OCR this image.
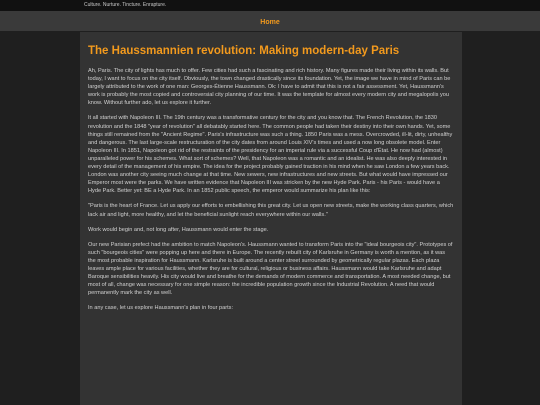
Culture. Nurture. Tincture. Enrapture.
Home
The Haussmannien revolution: Making modern-day Paris

Ah, Paris. The city of lights has much to offer. Few cities had such a fascinating and rich history. Many figures made their living within its walls. But today, I want to focus on the city itself. Obviously, the town changed drastically since its foundation. Yet, the image we have in mind of Paris can be largely attributed to the work of one man: Georges-Étienne Haussmann. Ok: I have to admit that this is not a fair assessment. Yet, Haussmann's work is probably the most copied and controversial city planning of our time. It was the template for almost every modern city and megalopolis you know. Without further ado, let us explore it further.

It all started with Napoleon III. The 19th century was a transformative century for the city and you know that. The French Revolution, the 1830 revolution and the 1848 "year of revolution" all debatably started here. The common people had taken their destiny into their own hands. Yet, some things still remained from the "Ancient Regime". Paris's infrastructure was such a thing. 1850 Paris was a mess. Overcrowded, ill-lit, dirty, unhealthy and dangerous. The last large-scale restructuration of the city dates from around Louis XIV's times and used a now long obsolete model. Enter Napoleon III. In 1851, Napoleon got rid of the restraints of the presidency for an imperial rule via a successful Coup d'État. He now had (almost) unparalleled power for his schemes. What sort of schemes? Well, that Napoleon was a romantic and an idealist. He was also deeply interested in every detail of the management of his empire. The idea for the project probably gained traction in his mind when he saw London a few years back. London was another city seeing much change at that time. New sewers, new infrastructures and new streets. But what would have impressed our Emperor most were the parks. We have written evidence that Napoleon III was stricken by the new Hyde Park. Paris - his Paris - would have a Hyde Park. Better yet: BE a Hyde Park. In an 1852 public speech, the emperor would summarize his plan like this:

"Paris is the heart of France. Let us apply our efforts to embellishing this great city. Let us open new streets, make the working class quarters, which lack air and light, more healthy, and let the beneficial sunlight reach everywhere within our walls."

Work would begin and, not long after, Haussmann would enter the stage.

Our new Parisian prefect had the ambition to match Napoleon's. Haussmann wanted to transform Paris into the "ideal bourgeois city". Prototypes of such "bourgeois cities" were popping up here and there in Europe. The recently rebuilt city of Karlsruhe in Germany is worth a mention, as it was the most probable inspiration for Haussmann. Karlsruhe is built around a center street surrounded by geometrically regular plazas. Each plaza leaves ample place for various facilities, whether they are for cultural, religious or business affairs. Haussmann would take Karlsruhe and adapt Baroque sensibilities heavily. His city would live and breathe for the demands of modern commerce and transportation. A most needed change, but most of all, change was necessary for one simple reason: the incredible population growth since the Industrial Revolution. A need that would permanently mark the city as well.

In any case, let us explore Haussmann's plan in four parts:
